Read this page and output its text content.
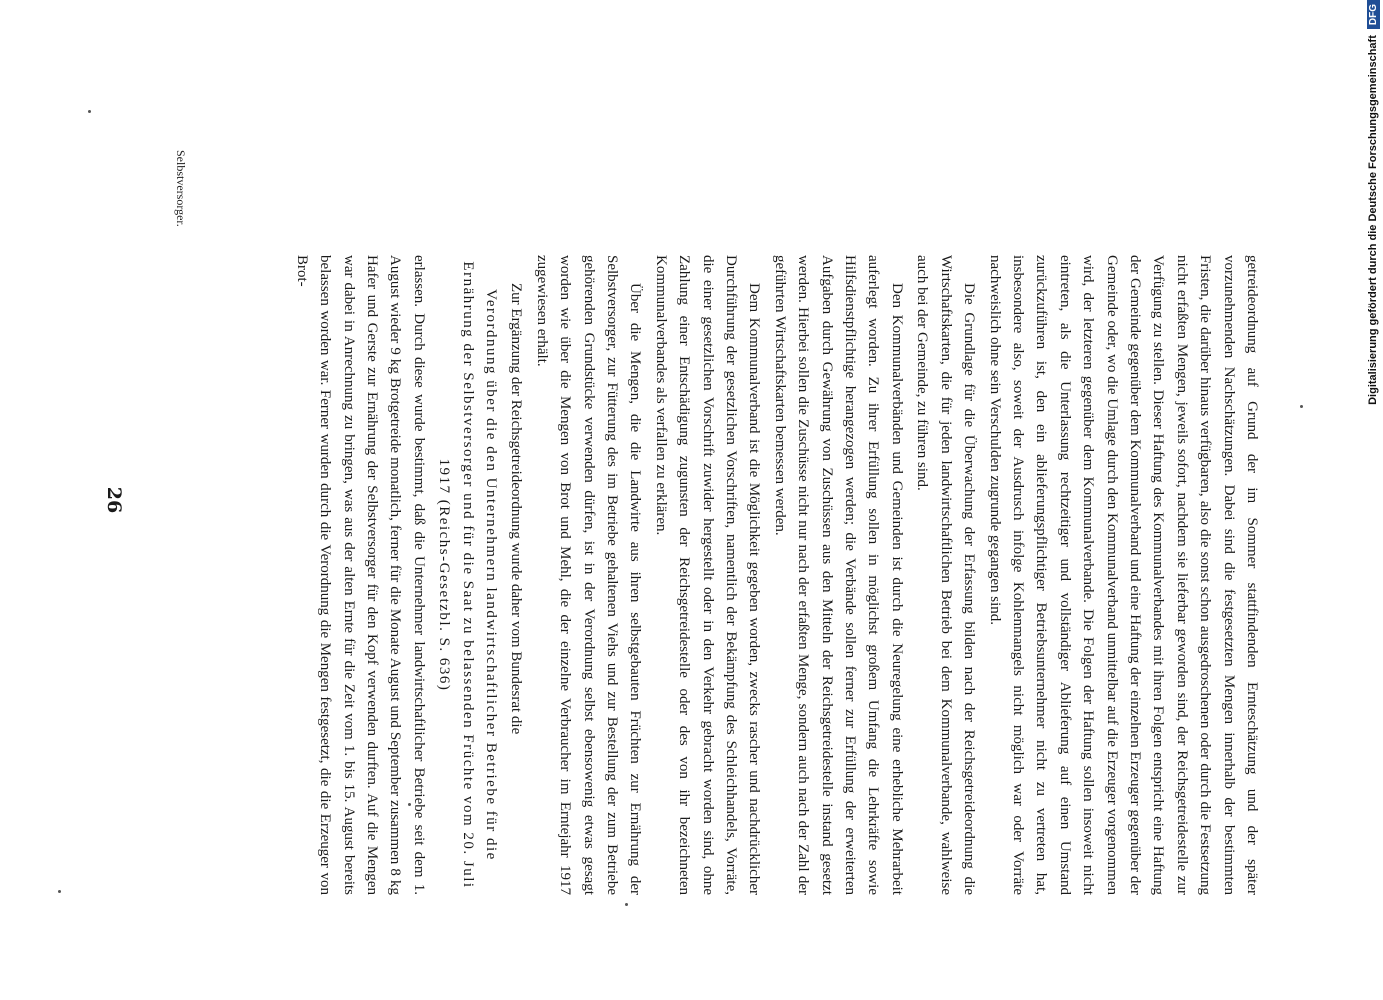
26	getreideordnung auf Grund der im Sommer stattfindenden Ernteschätzung und der später vorzunehmenden Nachschätzungen. Dabei sind die festgesetzten Mengen innerhalb der bestimmten Fristen, die darüber hinaus verfügbaren, also die sonst schon ausgedroschenen oder durch die Festsetzung nicht erfaßten Mengen, jeweils sofort, nachdem sie lieferbar geworden sind, der Reichsgetreidestelle zur Verfügung zu stellen. Dieser Haftung des Kommunalverbandes mit ihren Folgen entspricht eine Haftung der Gemeinde gegenüber dem Kommunalverband und eine Haftung der einzelnen Erzeuger gegenüber der Gemeinde oder, wo die Umlage durch den Kommunalverband unmittelbar auf die Erzeuger vorgenommen wird, der letzteren gegenüber dem Kommunalverbande. Die Folgen der Haftung sollen insoweit nicht eintreten, als die Unterlassung rechtzeitiger und vollständiger Ablieferung auf einen Umstand zurückzuführen ist, den ein ablieferungspflichtiger Betriebsunternehmer nicht zu vertreten hat, insbesondere also, soweit der Ausdrusch infolge Kohlenmangels nicht möglich war oder Vorräte nachweislich ohne sein Verschulden zugrunde gegangen sind.

Die Grundlage für die Überwachung der Erfassung bilden nach der Reichsgetreideordnung die Wirtschaftskarten, die für jeden landwirtschaftlichen Betrieb bei dem Kommunalverbande, wahlweise auch bei der Gemeinde, zu führen sind.

Den Kommunalverbänden und Gemeinden ist durch die Neuregelung eine erhebliche Mehrarbeit auferlegt worden. Zu ihrer Erfüllung sollen in möglichst großem Umfang die Lehrkräfte sowie Hilfsdienstpflichtige herangezogen werden; die Verbände sollen ferner zur Erfüllung der erweiterten Aufgaben durch Gewährung von Zuschüssen aus den Mitteln der Reichsgetreidestelle instand gesetzt werden. Hierbei sollen die Zuschüsse nicht nur nach der erfaßten Menge, sondern auch nach der Zahl der geführten Wirtschaftskarten bemessen werden.

Dem Kommunalverband ist die Möglichkeit gegeben worden, zwecks rascher und nachdrücklicher Durchführung der gesetzlichen Vorschriften, namentlich der Bekämpfung des Schleichhandels, Vorräte, die einer gesetzlichen Vorschrift zuwider hergestellt oder in den Verkehr gebracht worden sind, ohne Zahlung einer Entschädigung zugunsten der Reichsgetreidestelle oder des von ihr bezeichneten Kommunalverbandes als verfallen zu erklären.

Über die Mengen, die die Landwirte aus ihren selbstgebauten Früchten zur Ernährung der Selbstversorger, zur Fütterung des im Betriebe gehaltenen Viehs und zur Bestellung der zum Betriebe gehörenden Grundstücke verwenden dürfen, ist in der Verordnung selbst ebensowenig etwas gesagt worden wie über die Mengen von Brot und Mehl, die der einzelne Verbraucher im Erntejahr 1917 zugewiesen erhält.

Zur Ergänzung der Reichsgetreideordnung wurde daher vom Bundesrat die

Verordnung über die den Unternehmern landwirtschaftlicher Betriebe für die Ernährung der Selbstversorger und für die Saat zu belassenden Früchte vom 20. Juli 1917 (Reichs-Gesetzbl. S. 636)

erlassen. Durch diese wurde bestimmt, daß die Unternehmer landwirtschaftlicher Betriebe seit dem 1. August wieder 9 kg Brotgetreide monatlich, ferner für die Monate August und September zusammen 8 kg Hafer und Gerste zur Ernährung der Selbstversorger für den Kopf verwenden durften. Auf die Mengen war dabei in Anrechnung zu bringen, was aus der alten Ernte für die Zeit vom 1. bis 15. August bereits belassen worden war. Ferner wurden durch die Verordnung die Mengen festgesetzt, die die Erzeuger von Brot-

Selbstversorger.	Digitalisierung gefördert durch die Deutsche Forschungsgemeinschaft
DFG
